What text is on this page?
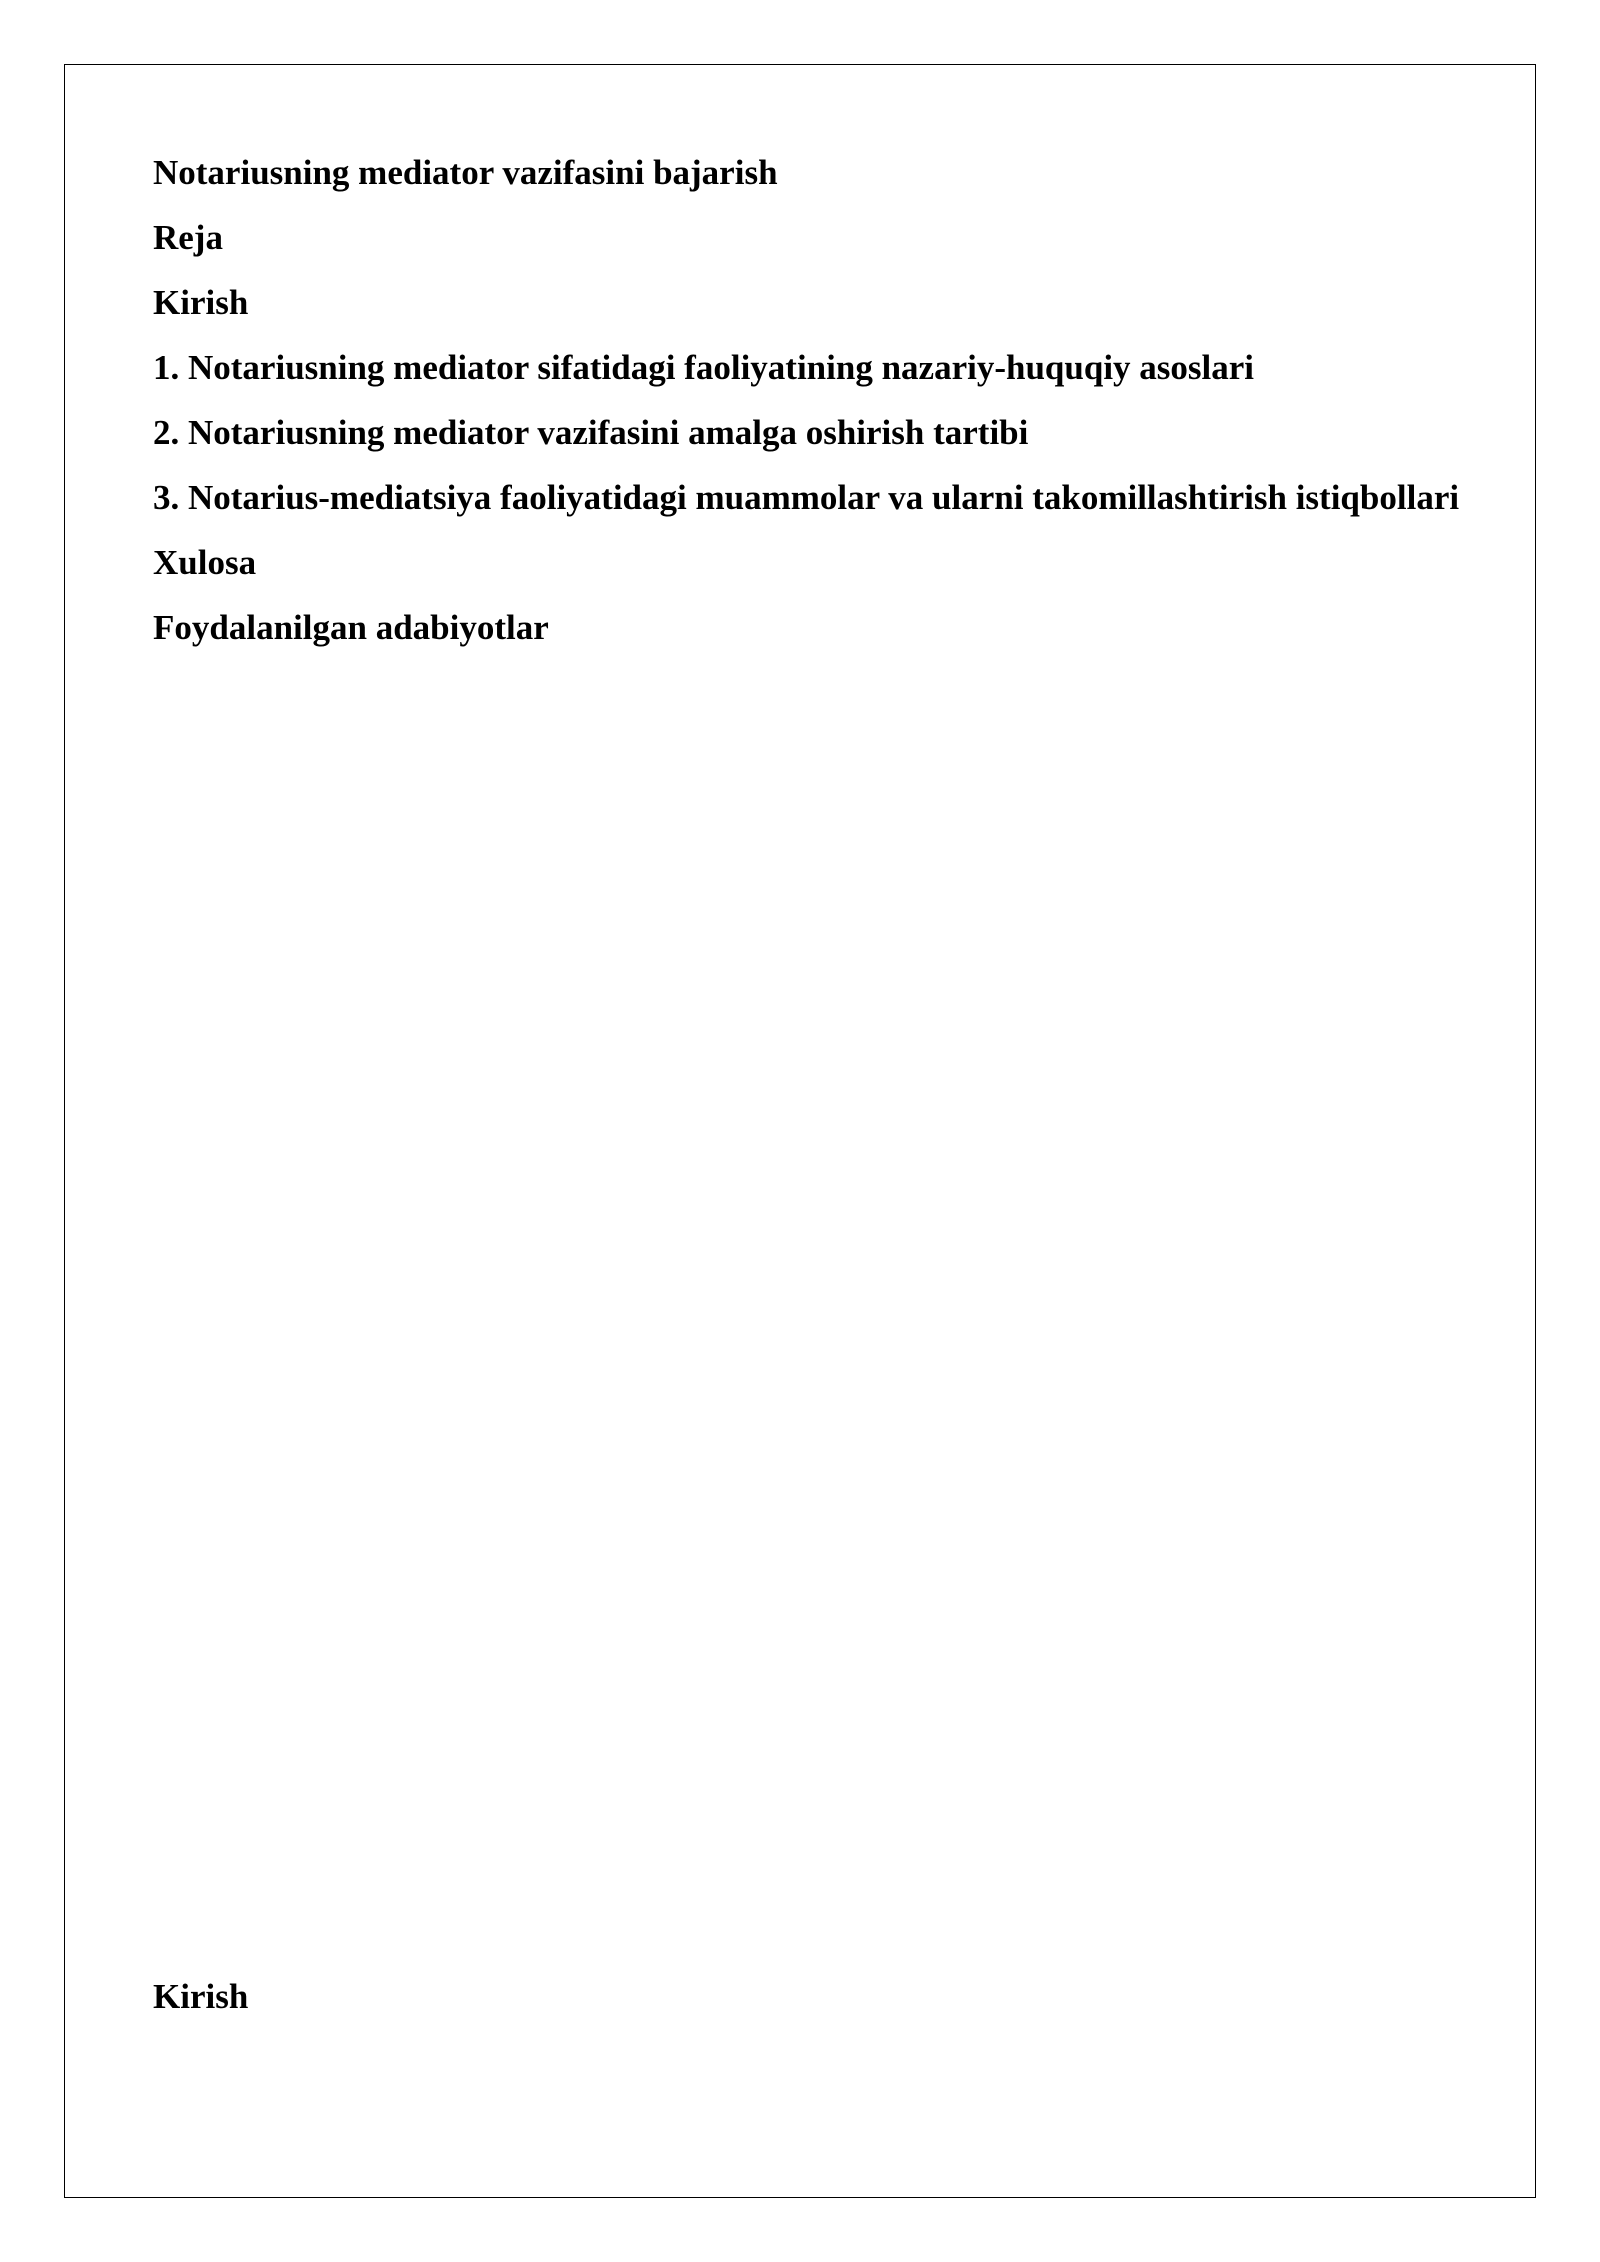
Notariusning mediator vazifasini bajarish

Reja

Kirish

1. Notariusning mediator sifatidagi faoliyatining nazariy-huquqiy asoslari

2. Notariusning mediator vazifasini amalga oshirish tartibi

3. Notarius-mediatsiya faoliyatidagi muammolar va ularni takomillashtirish istiqbollari

Xulosa

Foydalanilgan adabiyotlar

Kirish
